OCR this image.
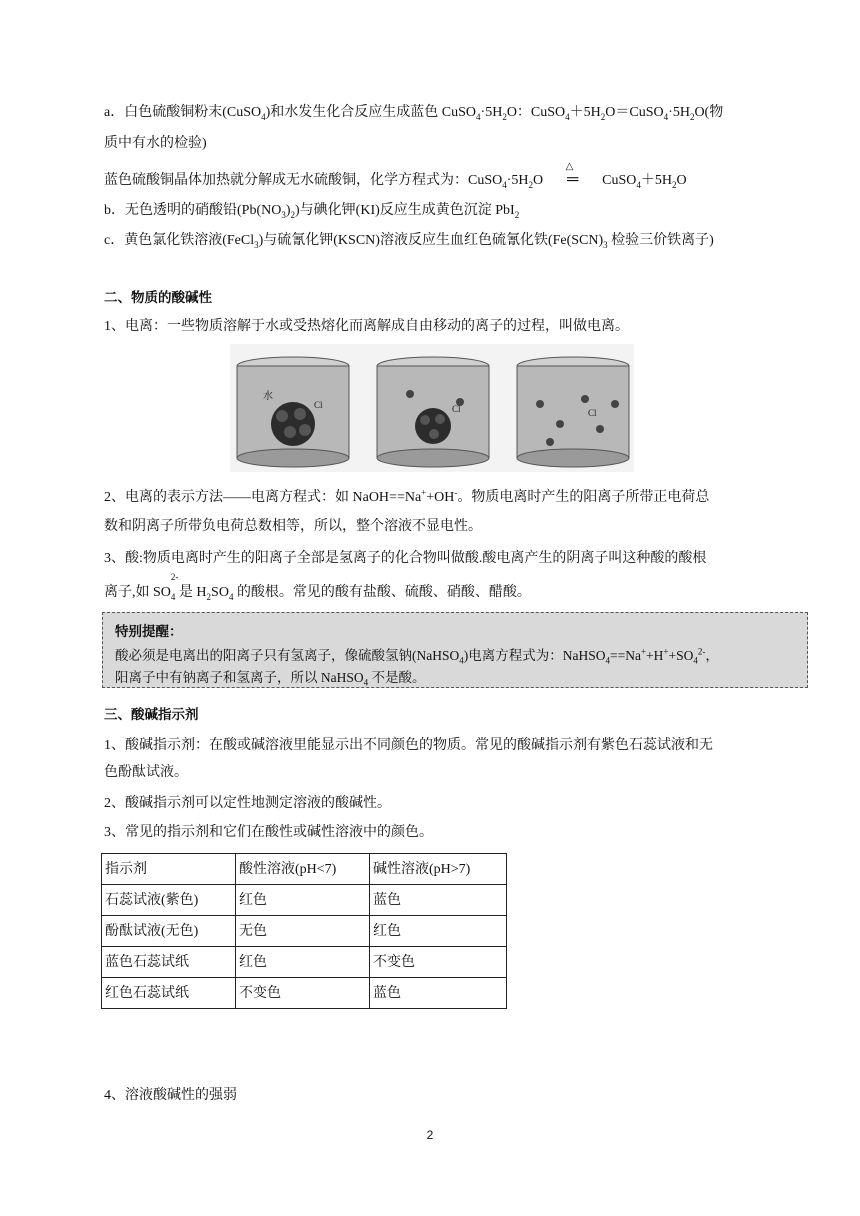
a．白色硫酸铜粉末(CuSO$_4$)和水发生化合反应生成蓝色 $CuSO_4\cdot 5H_2O$：$CuSO_4+5H_2O=CuSO_4\cdot 5H_2O$(物
质中有水的检验)
蓝色硫酸铜晶体加热就分解成无水硫酸铜，化学方程式为：$CuSO_4\cdot 5H_2O$
△
═ $CuSO_4+5H_2O$
b．无色透明的硝酸铅$(Pb(NO_3)_2)$与碘化钾(KI)反应生成黄色沉淀 PbI$_2$
c．黄色氯化铁溶液(FeCl$_3$)与硫氰化钾(KSCN)溶液反应生血红色硫氰化铁($Fe(SCN)_3$ 检验三价铁离子)
二、物质的酸碱性
1、电离：一些物质溶解于水或受热熔化而离解成自由移动的离子的过程，叫做电离。
水
Cl	Cl	Cl
2、电离的表示方法——电离方程式：如 NaOH==Na++OH-。物质电离时产生的阳离子所带正电荷总
数和阴离子所带负电荷总数相等，所以，整个溶液不显电性。
3、酸:物质电离时产生的阳离子全部是氢离子的化合物叫做酸.酸电离产生的阴离子叫这种酸的酸根
离子,如 SO
2-
$_4$ 是 $H_2SO_4$ 的酸根。常见的酸有盐酸、硫酸、硝酸、醋酸。
特别提醒：
酸必须是电离出的阳离子只有氢离子，像硫酸氢钠(NaHSO$_4$)电离方程式为：$NaHSO_4==Na^++H^++SO_4^{2-}$，
阳离子中有钠离子和氢离子，所以 NaHSO$_4$ 不是酸。
三、酸碱指示剂
1、酸碱指示剂：在酸或碱溶液里能显示出不同颜色的物质。常见的酸碱指示剂有紫色石蕊试液和无
色酚酞试液。
2、酸碱指示剂可以定性地测定溶液的酸碱性。
3、常见的指示剂和它们在酸性或碱性溶液中的颜色。
指示剂	酸性溶液(pH<7)	碱性溶液(pH>7)
石蕊试液(紫色)	红色	蓝色
酚酞试液(无色)	无色	红色
蓝色石蕊试纸	红色	不变色
红色石蕊试纸	不变色	蓝色
4、溶液酸碱性的强弱
2
